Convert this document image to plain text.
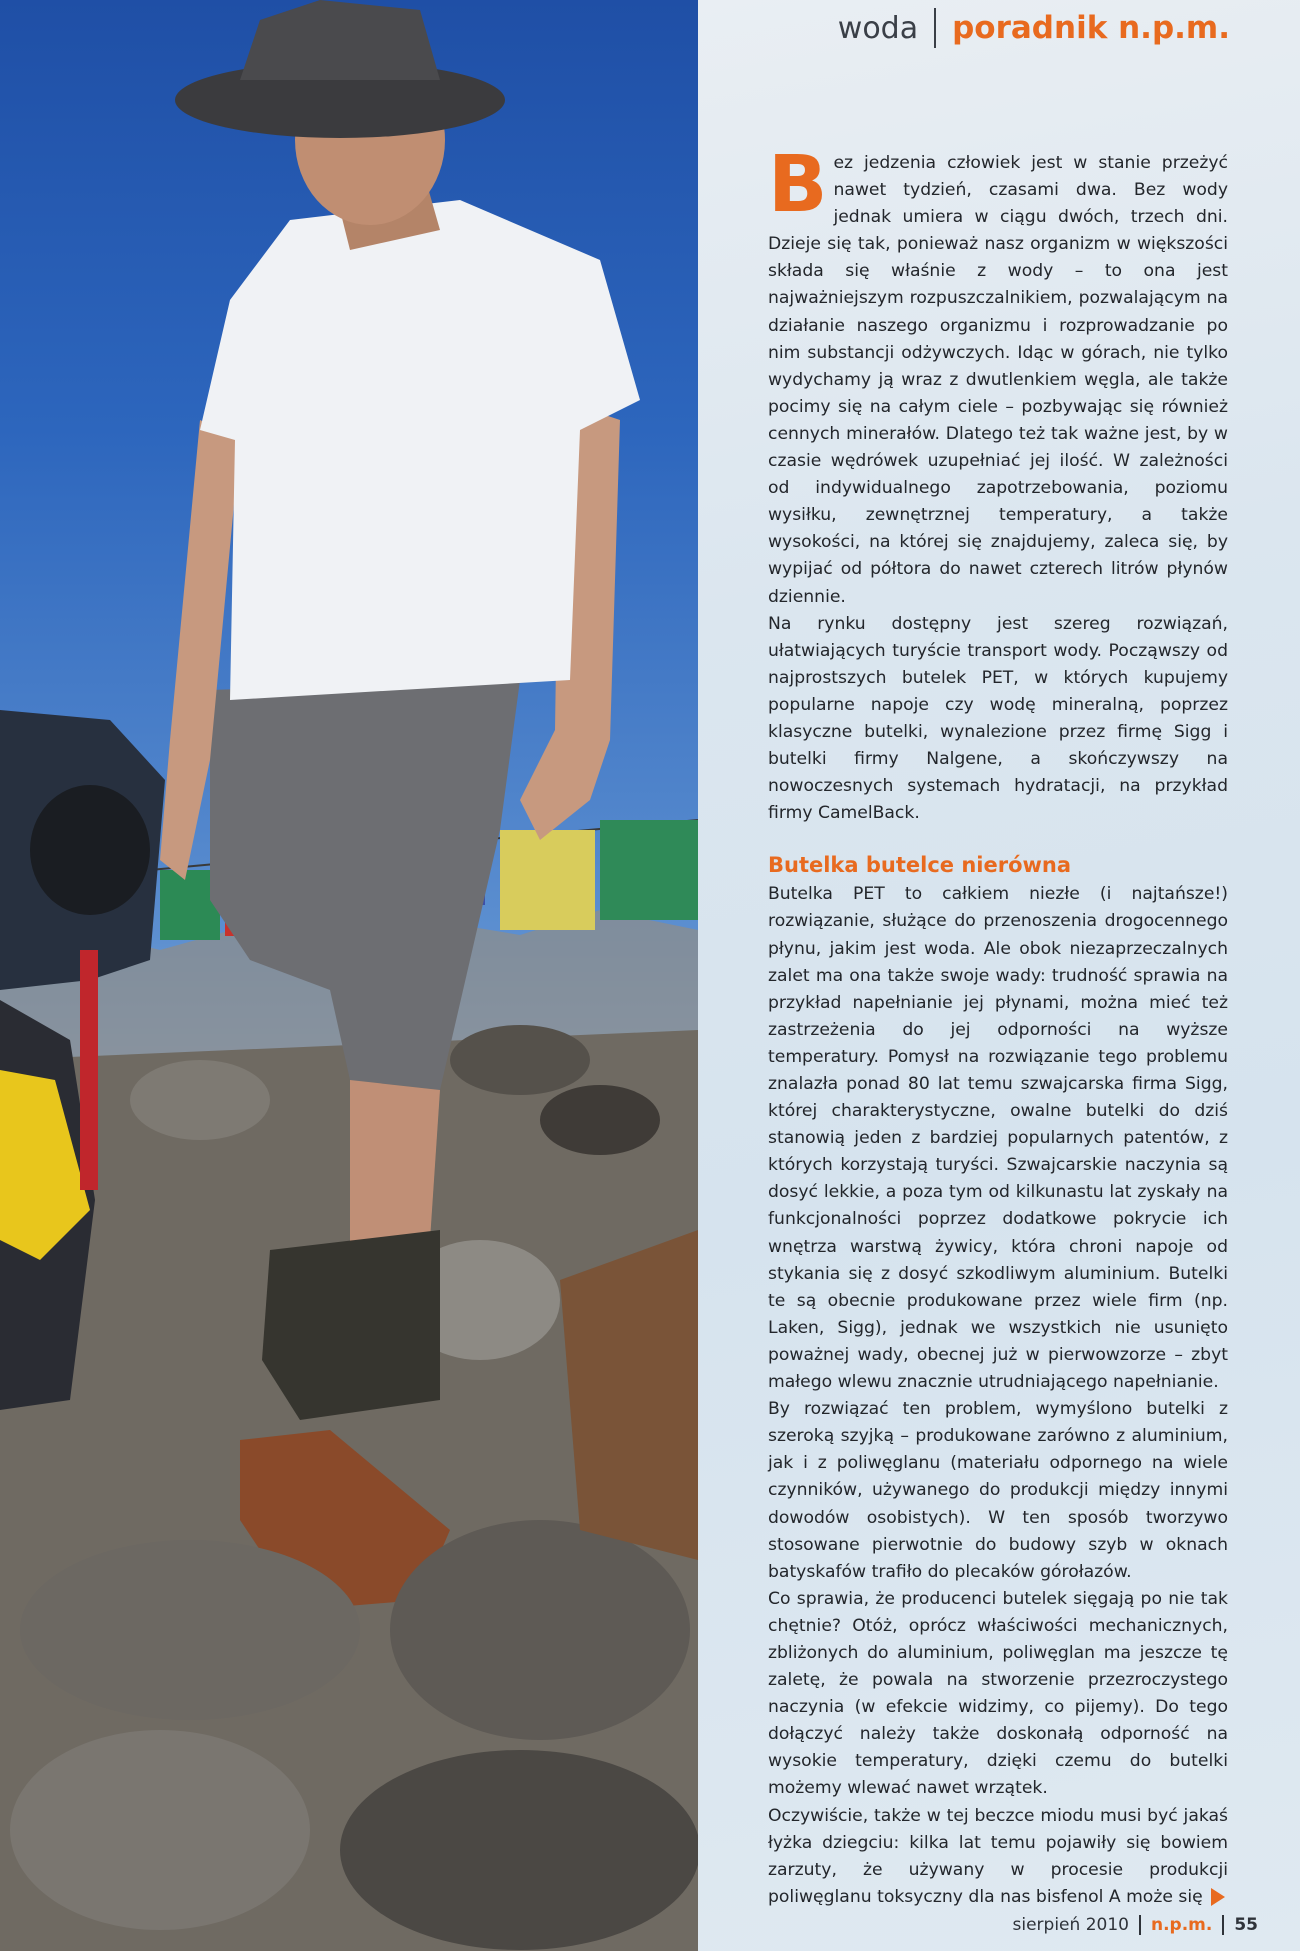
woda	poradnik n.p.m.

Bez jedzenia człowiek jest w stanie przeżyć nawet tydzień, czasami dwa. Bez wody jednak umiera w ciągu dwóch, trzech dni. Dzieje się tak, ponieważ nasz organizm w większości składa się właśnie z wody – to ona jest najważniejszym rozpuszczalnikiem, pozwalającym na działanie naszego organizmu i rozprowadzanie po nim substancji odżywczych. Idąc w górach, nie tylko wydychamy ją wraz z dwutlenkiem węgla, ale także pocimy się na całym ciele – pozbywając się również cennych minerałów. Dlatego też tak ważne jest, by w czasie wędrówek uzupełniać jej ilość. W zależności od indywidualnego zapotrzebowania, poziomu wysiłku, zewnętrznej temperatury, a także wysokości, na której się znajdujemy, zaleca się, by wypijać od półtora do nawet czterech litrów płynów dziennie.

Na rynku dostępny jest szereg rozwiązań, ułatwiających turyście transport wody. Począwszy od najprostszych butelek PET, w których kupujemy popularne napoje czy wodę mineralną, poprzez klasyczne butelki, wynalezione przez firmę Sigg i butelki firmy Nalgene, a skończywszy na nowoczesnych systemach hydratacji, na przykład firmy CamelBack.

Butelka butelce nierówna

Butelka PET to całkiem niezłe (i najtańsze!) rozwiązanie, służące do przenoszenia drogocennego płynu, jakim jest woda. Ale obok niezaprzeczalnych zalet ma ona także swoje wady: trudność sprawia na przykład napełnianie jej płynami, można mieć też zastrzeżenia do jej odporności na wyższe temperatury. Pomysł na rozwiązanie tego problemu znalazła ponad 80 lat temu szwajcarska firma Sigg, której charakterystyczne, owalne butelki do dziś stanowią jeden z bardziej popularnych patentów, z których korzystają turyści. Szwajcarskie naczynia są dosyć lekkie, a poza tym od kilkunastu lat zyskały na funkcjonalności poprzez dodatkowe pokrycie ich wnętrza warstwą żywicy, która chroni napoje od stykania się z dosyć szkodliwym aluminium. Butelki te są obecnie produkowane przez wiele firm (np. Laken, Sigg), jednak we wszystkich nie usunięto poważnej wady, obecnej już w pierwowzorze – zbyt małego wlewu znacznie utrudniającego napełnianie.

By rozwiązać ten problem, wymyślono butelki z szeroką szyjką – produkowane zarówno z aluminium, jak i z poliwęglanu (materiału odpornego na wiele czynników, używanego do produkcji między innymi dowodów osobistych). W ten sposób tworzywo stosowane pierwotnie do budowy szyb w oknach batyskafów trafiło do plecaków górołazów.

Co sprawia, że producenci butelek sięgają po nie tak chętnie? Otóż, oprócz właściwości mechanicznych, zbliżonych do aluminium, poliwęglan ma jeszcze tę zaletę, że powala na stworzenie przezroczystego naczynia (w efekcie widzimy, co pijemy). Do tego dołączyć należy także doskonałą odporność na wysokie temperatury, dzięki czemu do butelki możemy wlewać nawet wrzątek.

Oczywiście, także w tej beczce miodu musi być jakaś łyżka dziegciu: kilka lat temu pojawiły się bowiem zarzuty, że używany w procesie produkcji poliwęglanu toksyczny dla nas bisfenol A może się

sierpień 2010 n.p.m. 55
